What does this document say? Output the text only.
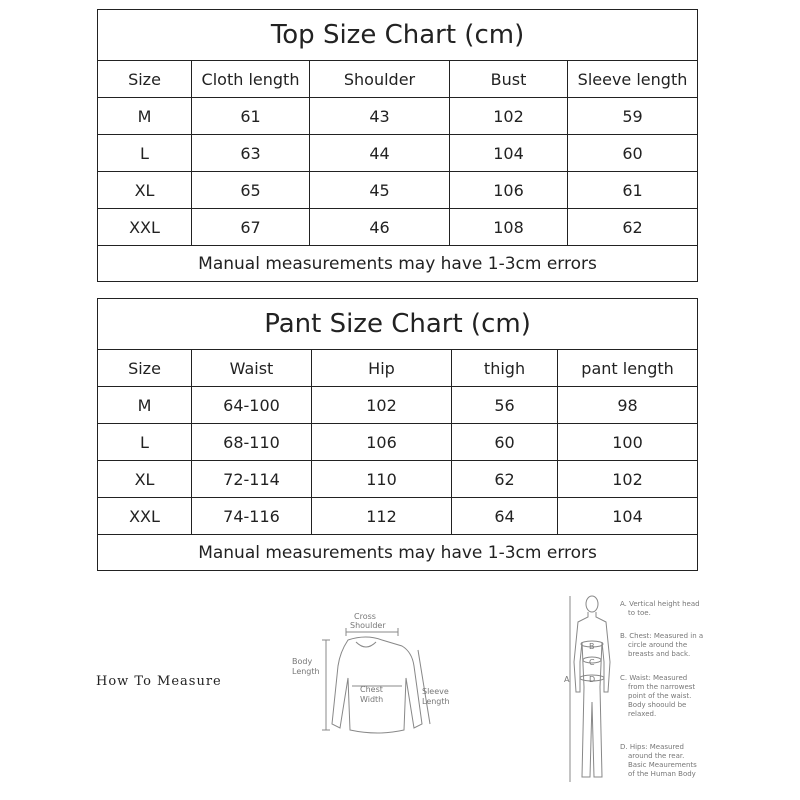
Top Size Chart (cm)				
Size	Cloth length	Shoulder	Bust	Sleeve length
M	61	43	102	59
L	63	44	104	60
XL	65	45	106	61
XXL	67	46	108	62
Manual measurements may have 1-3cm errors				
Pant Size Chart (cm)				
Size	Waist	Hip	thigh	pant length
M	64-100	102	56	98
L	68-110	106	60	100
XL	72-114	110	62	102
XXL	74-116	112	64	104
Manual measurements may have 1-3cm errors				
How To Measure
Cross Shoulder
Body Length
Chest Width
Sleeve Length
A
B
C
D
A. Vertical height head to toe.
B. Chest: Measured in a circle around the breasts and back.
C. Waist: Measured from the narrowest point of the waist. Body shoould be relaxed.
D. Hips: Measured around the rear. Basic Meaurements of the Human Body
